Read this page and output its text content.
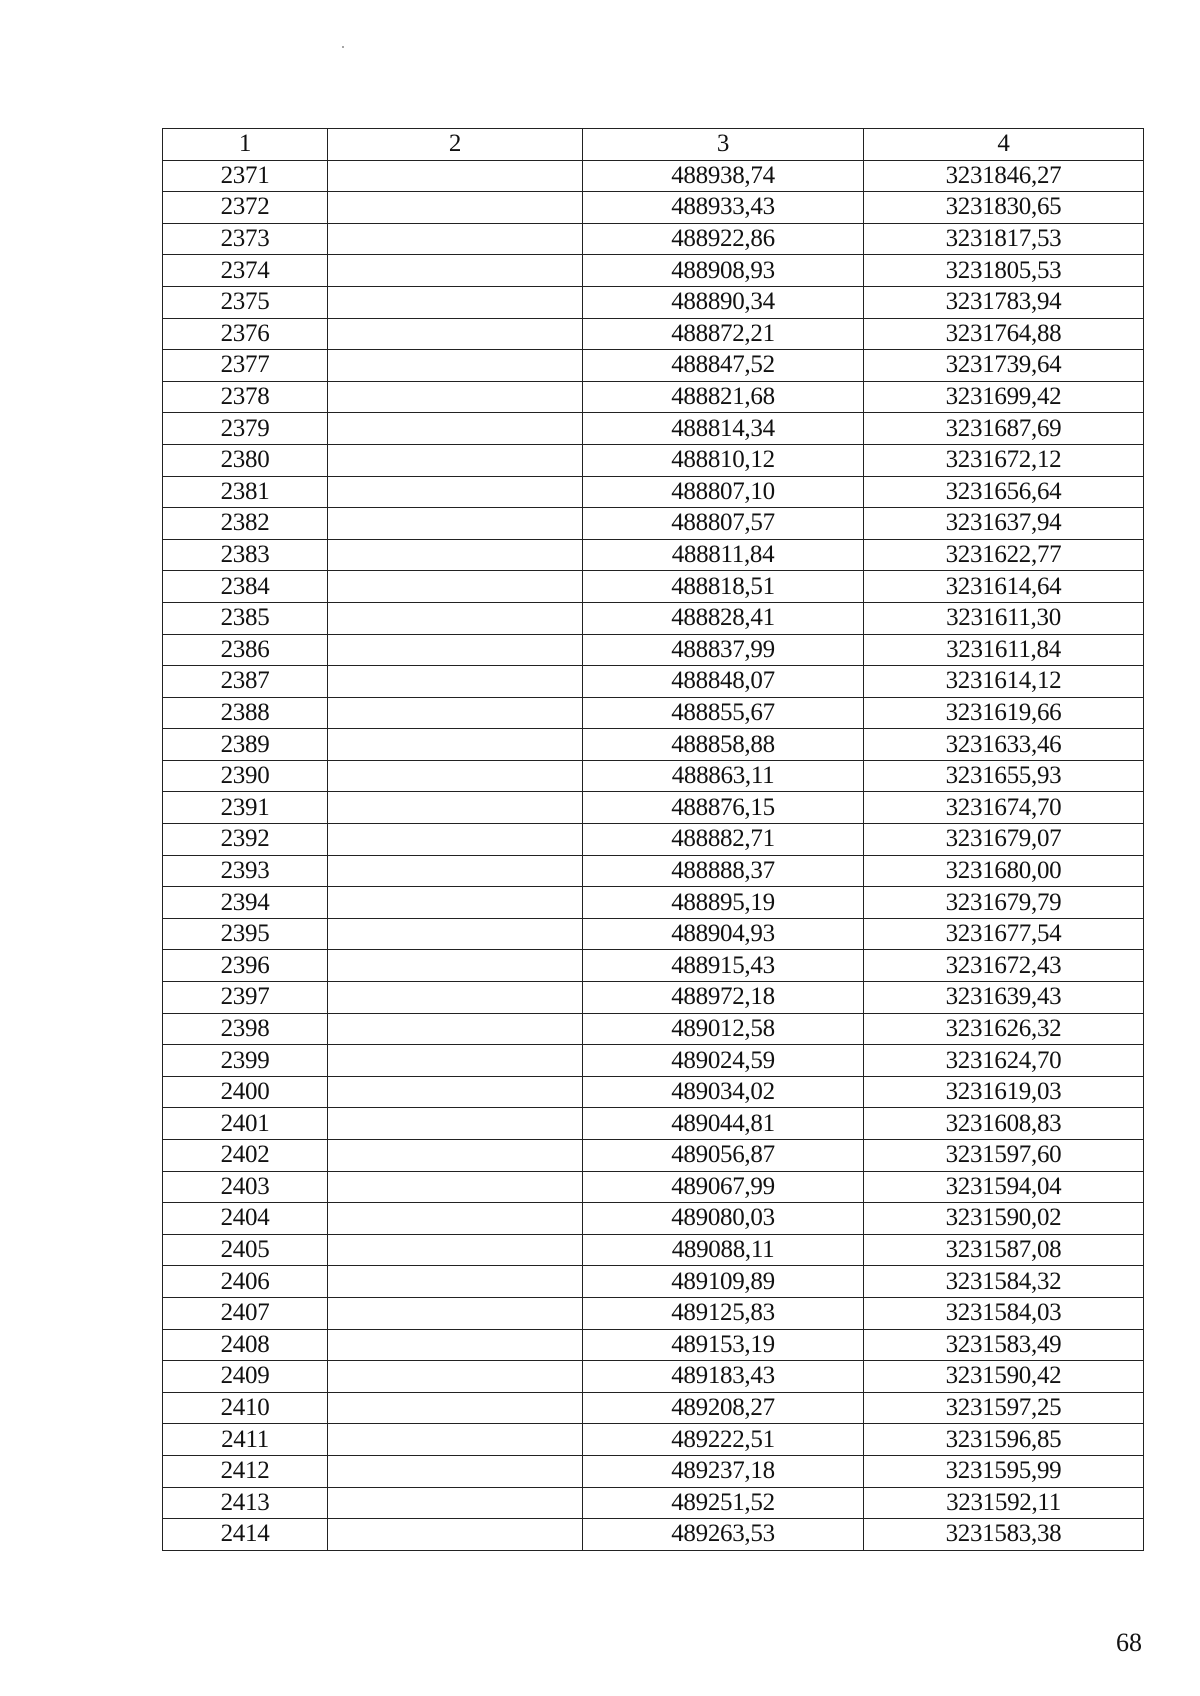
1	2	3	4
2371		488938,74	3231846,27
2372		488933,43	3231830,65
2373		488922,86	3231817,53
2374		488908,93	3231805,53
2375		488890,34	3231783,94
2376		488872,21	3231764,88
2377		488847,52	3231739,64
2378		488821,68	3231699,42
2379		488814,34	3231687,69
2380		488810,12	3231672,12
2381		488807,10	3231656,64
2382		488807,57	3231637,94
2383		488811,84	3231622,77
2384		488818,51	3231614,64
2385		488828,41	3231611,30
2386		488837,99	3231611,84
2387		488848,07	3231614,12
2388		488855,67	3231619,66
2389		488858,88	3231633,46
2390		488863,11	3231655,93
2391		488876,15	3231674,70
2392		488882,71	3231679,07
2393		488888,37	3231680,00
2394		488895,19	3231679,79
2395		488904,93	3231677,54
2396		488915,43	3231672,43
2397		488972,18	3231639,43
2398		489012,58	3231626,32
2399		489024,59	3231624,70
2400		489034,02	3231619,03
2401		489044,81	3231608,83
2402		489056,87	3231597,60
2403		489067,99	3231594,04
2404		489080,03	3231590,02
2405		489088,11	3231587,08
2406		489109,89	3231584,32
2407		489125,83	3231584,03
2408		489153,19	3231583,49
2409		489183,43	3231590,42
2410		489208,27	3231597,25
2411		489222,51	3231596,85
2412		489237,18	3231595,99
2413		489251,52	3231592,11
2414		489263,53	3231583,38
68
